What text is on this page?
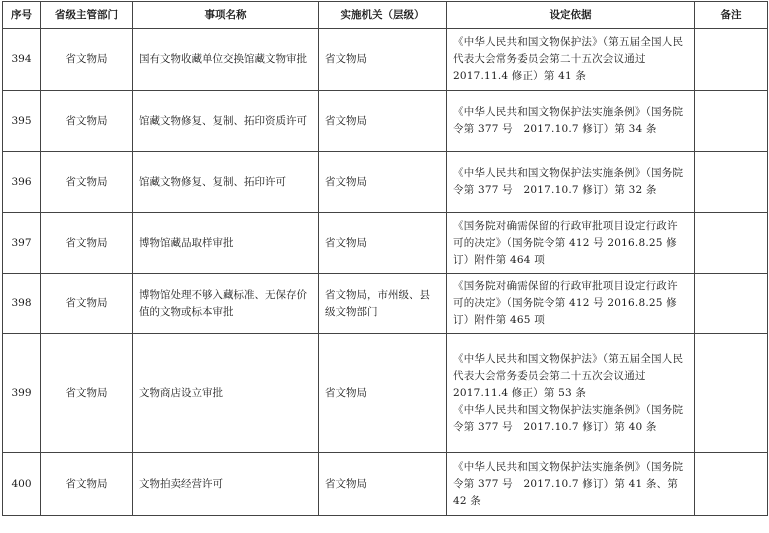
序号	省级主管部门	事项名称	实施机关（层级）	设定依据	备注
394	省文物局	国有文物收藏单位交换馆藏文物审批	省文物局	《中华人民共和国文物保护法》（第五届全国人民代表大会常务委员会第二十五次会议通过　2017.11.4 修正）第 41 条	

395	省文物局	馆藏文物修复、复制、拓印资质许可	省文物局	《中华人民共和国文物保护法实施条例》（国务院令第 377 号　2017.10.7 修订）第 34 条	

396	省文物局	馆藏文物修复、复制、拓印许可	省文物局	《中华人民共和国文物保护法实施条例》（国务院令第 377 号　2017.10.7 修订）第 32 条	

397	省文物局	博物馆藏品取样审批	省文物局	《国务院对确需保留的行政审批项目设定行政许可的决定》（国务院令第 412 号 2016.8.25 修订）附件第 464 项	

398	省文物局	博物馆处理不够入藏标准、无保存价值的文物或标本审批	省文物局，市州级、县级文物部门	《国务院对确需保留的行政审批项目设定行政许可的决定》（国务院令第 412 号 2016.8.25 修订）附件第 465 项	

399	省文物局	文物商店设立审批	省文物局	《中华人民共和国文物保护法》（第五届全国人民代表大会常务委员会第二十五次会议通过　2017.11.4 修正）第 53 条
《中华人民共和国文物保护法实施条例》（国务院令第 377 号　2017.10.7 修订）第 40 条	

400	省文物局	文物拍卖经营许可	省文物局	《中华人民共和国文物保护法实施条例》（国务院令第 377 号　2017.10.7 修订）第 41 条、第 42 条	
